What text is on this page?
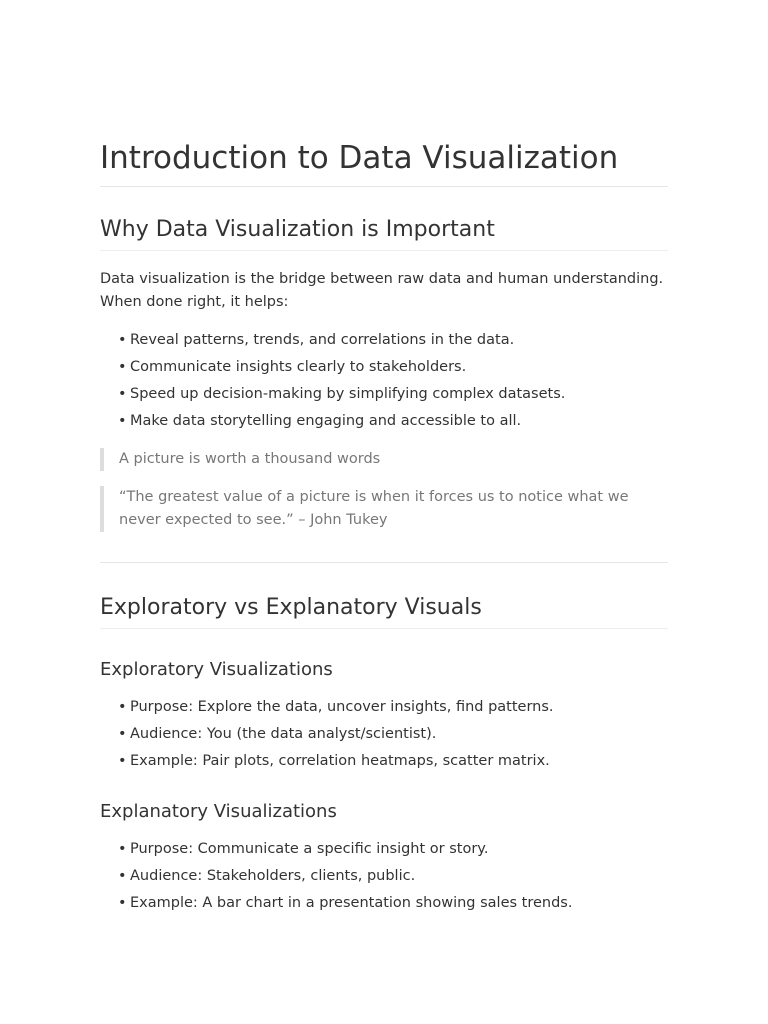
Introduction to Data Visualization
Why Data Visualization is Important

Data visualization is the bridge between raw data and human understanding. When done right, it helps:

• Reveal patterns, trends, and correlations in the data.
• Communicate insights clearly to stakeholders.
• Speed up decision-making by simplifying complex datasets.
• Make data storytelling engaging and accessible to all.
A picture is worth a thousand words
“The greatest value of a picture is when it forces us to notice what we never expected to see.” – John Tukey
Exploratory vs Explanatory Visuals
Exploratory Visualizations
• Purpose: Explore the data, uncover insights, find patterns.
• Audience: You (the data analyst/scientist).
• Example: Pair plots, correlation heatmaps, scatter matrix.
Explanatory Visualizations
• Purpose: Communicate a specific insight or story.
• Audience: Stakeholders, clients, public.
• Example: A bar chart in a presentation showing sales trends.
